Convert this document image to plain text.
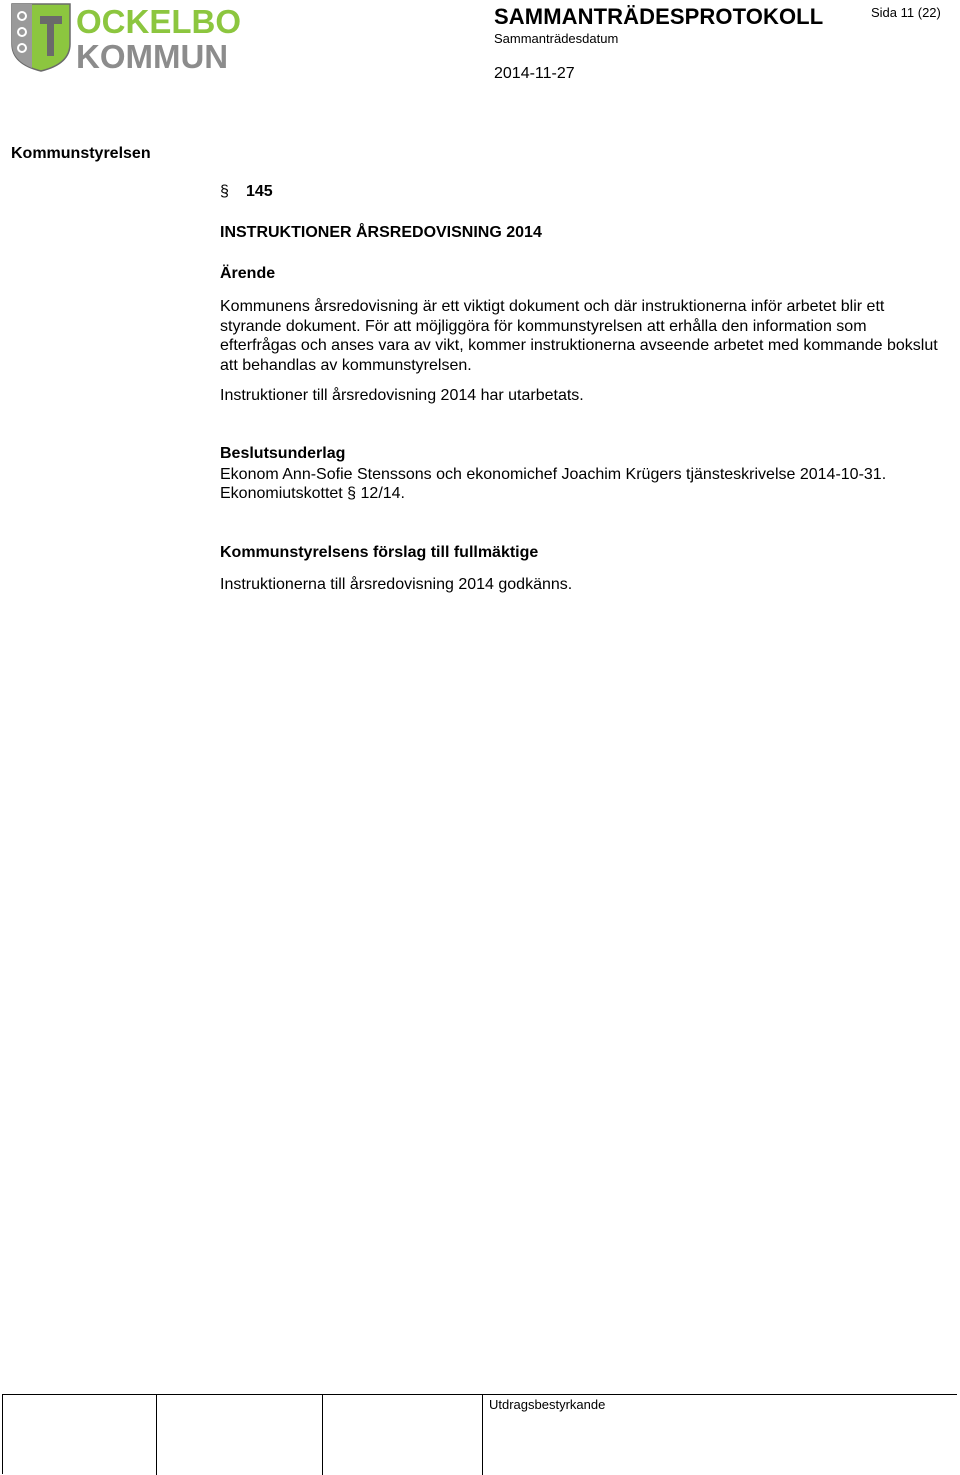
OCKELBO
KOMMUN
SAMMANTRÄDESPROTOKOLL	Sida 11 (22)
Sammanträdesdatum
2014-11-27
Kommunstyrelsen
§ 145
INSTRUKTIONER ÅRSREDOVISNING 2014
Ärende
Kommunens årsredovisning är ett viktigt dokument och där instruktionerna inför arbetet blir ett styrande dokument. För att möjliggöra för kommunstyrelsen att erhålla den information som efterfrågas och anses vara av vikt, kommer instruktionerna avseende arbetet med kommande bokslut att behandlas av kommunstyrelsen.
Instruktioner till årsredovisning 2014 har utarbetats.
Beslutsunderlag
Ekonom Ann-Sofie Stenssons och ekonomichef Joachim Krügers tjänsteskrivelse 2014-10-31.
Ekonomiutskottet § 12/14.
Kommunstyrelsens förslag till fullmäktige
Instruktionerna till årsredovisning 2014 godkänns.
Utdragsbestyrkande
